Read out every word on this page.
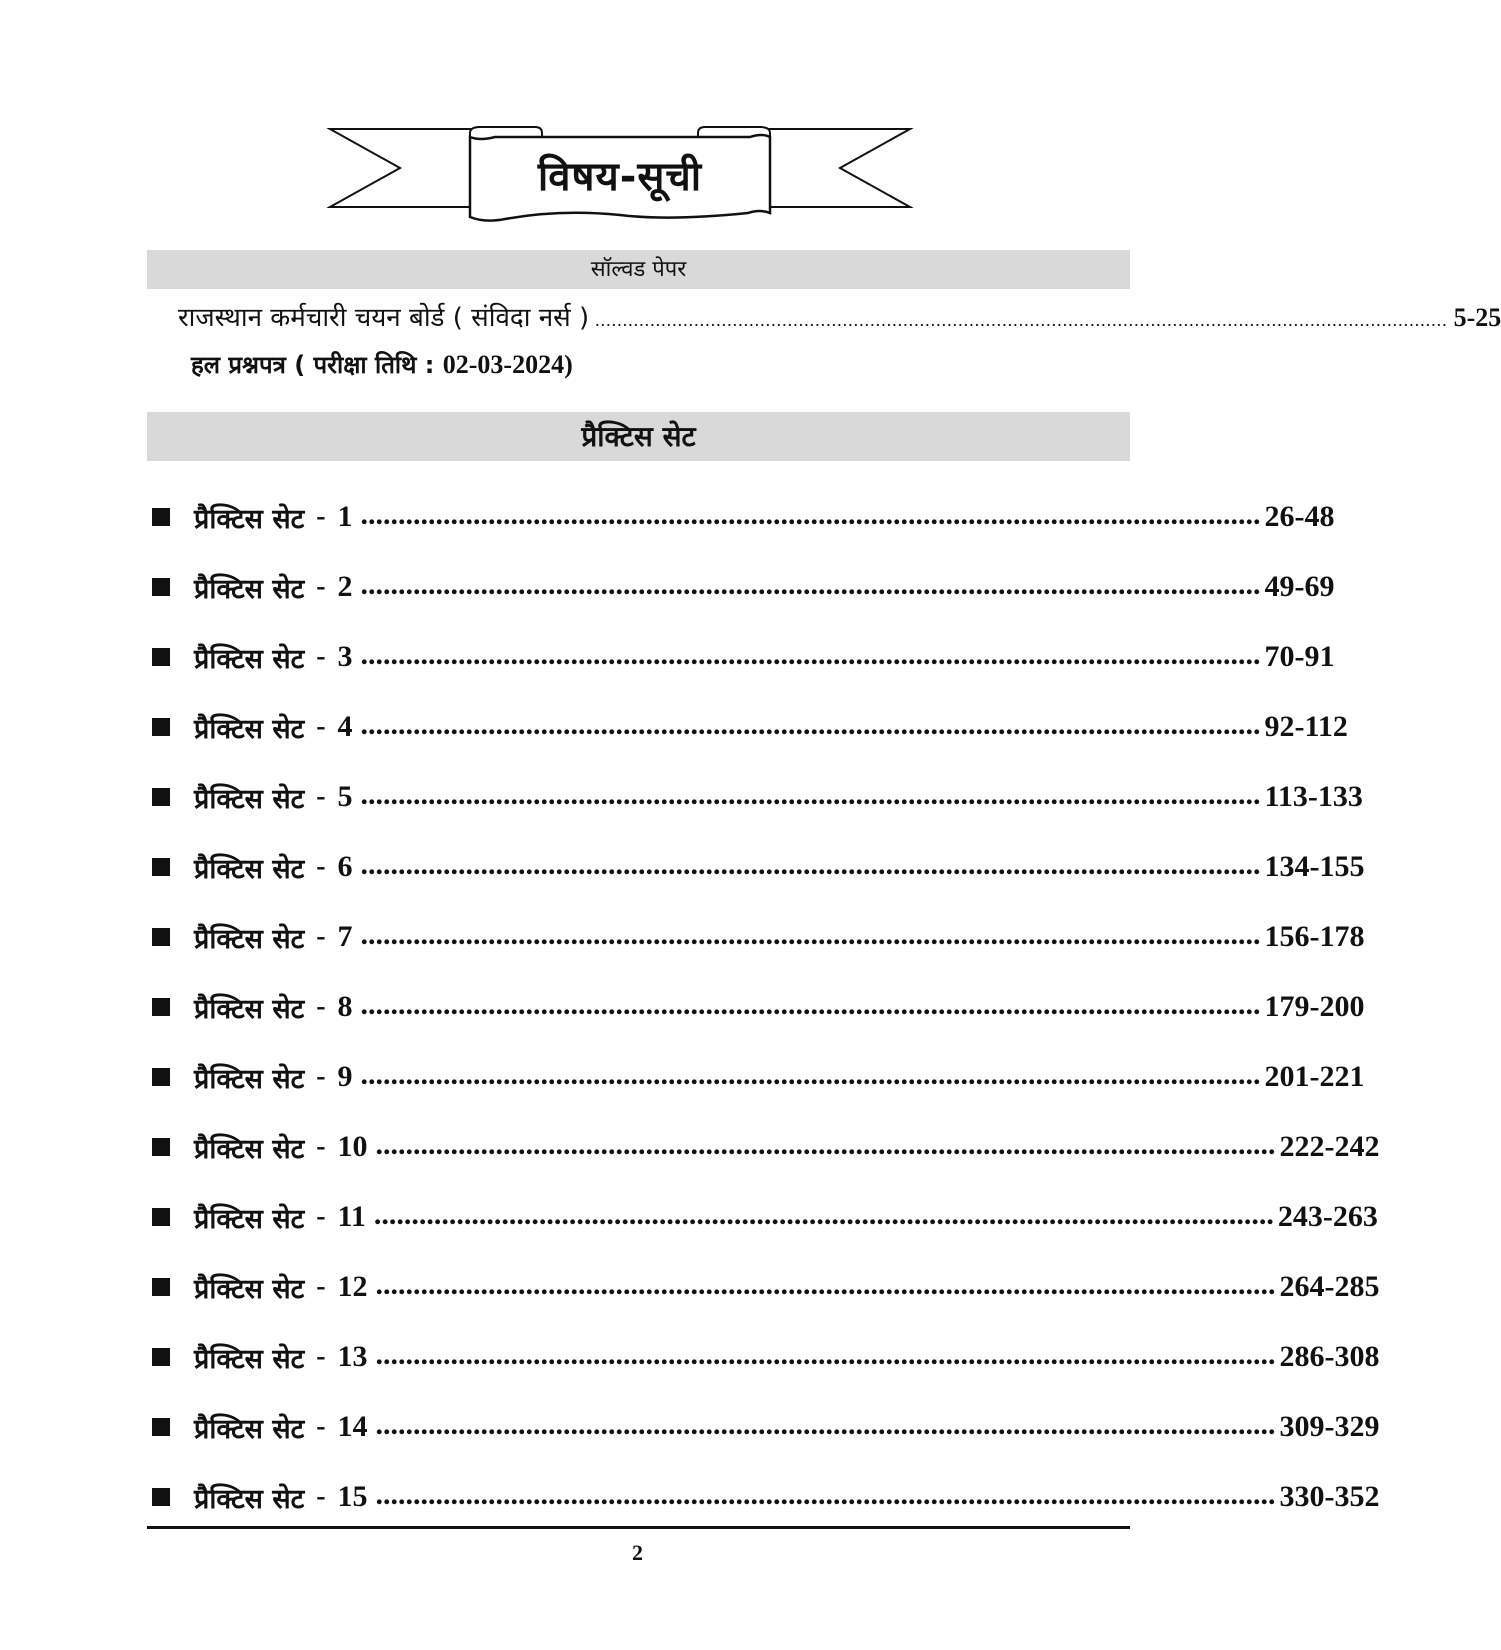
विषय-सूची
सॉल्वड पेपर
राजस्थान कर्मचारी चयन बोर्ड ( संविदा नर्स ) ........................................................................................................................................................... 5-25
हल प्रश्नपत्र ( परीक्षा तिथि : 02-03-2024)
प्रैक्टिस सेट
प्रैक्टिस सेट - 1 ........................................................................................................................ 26-48
प्रैक्टिस सेट - 2 ........................................................................................................................ 49-69
प्रैक्टिस सेट - 3 ........................................................................................................................ 70-91
प्रैक्टिस सेट - 4 ........................................................................................................................ 92-112
प्रैक्टिस सेट - 5 ........................................................................................................................ 113-133
प्रैक्टिस सेट - 6 ........................................................................................................................ 134-155
प्रैक्टिस सेट - 7 ........................................................................................................................ 156-178
प्रैक्टिस सेट - 8 ........................................................................................................................ 179-200
प्रैक्टिस सेट - 9 ........................................................................................................................ 201-221
प्रैक्टिस सेट - 10 ........................................................................................................................ 222-242
प्रैक्टिस सेट - 11 ........................................................................................................................ 243-263
प्रैक्टिस सेट - 12 ........................................................................................................................ 264-285
प्रैक्टिस सेट - 13 ........................................................................................................................ 286-308
प्रैक्टिस सेट - 14 ........................................................................................................................ 309-329
प्रैक्टिस सेट - 15 ........................................................................................................................ 330-352
2
